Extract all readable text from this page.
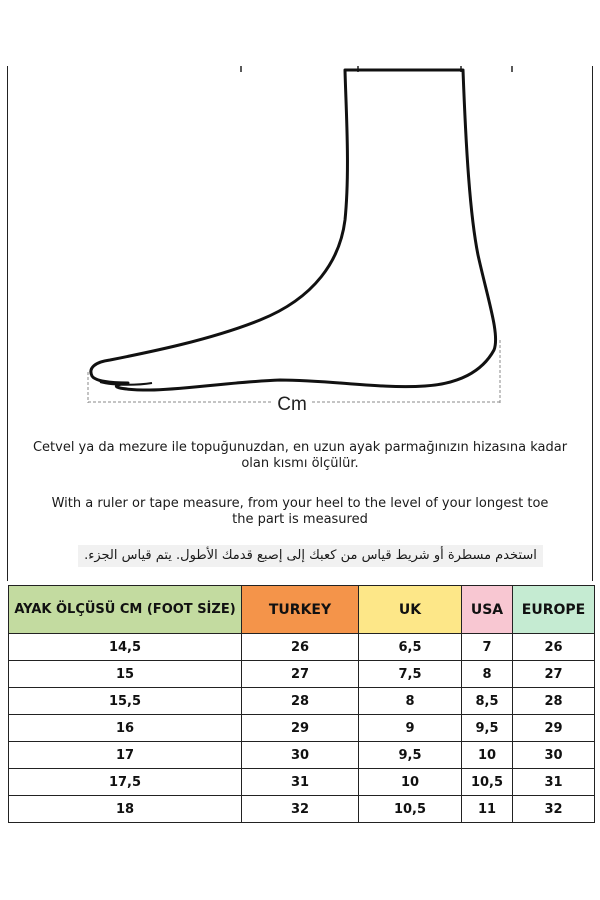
Cm
Cetvel ya da mezure ile topuğunuzdan, en uzun ayak parmağınızın hizasına kadar
olan kısmı ölçülür.
With a ruler or tape measure, from your heel to the level of your longest toe
the part is measured
استخدم مسطرة أو شريط قياس من كعبك إلى إصبع قدمك الأطول. يتم قياس الجزء.
AYAK ÖLÇÜSÜ CM (FOOT SİZE)	TURKEY	UK	USA	EUROPE
14,5	26	6,5	7	26
15	27	7,5	8	27
15,5	28	8	8,5	28
16	29	9	9,5	29
17	30	9,5	10	30
17,5	31	10	10,5	31
18	32	10,5	11	32
